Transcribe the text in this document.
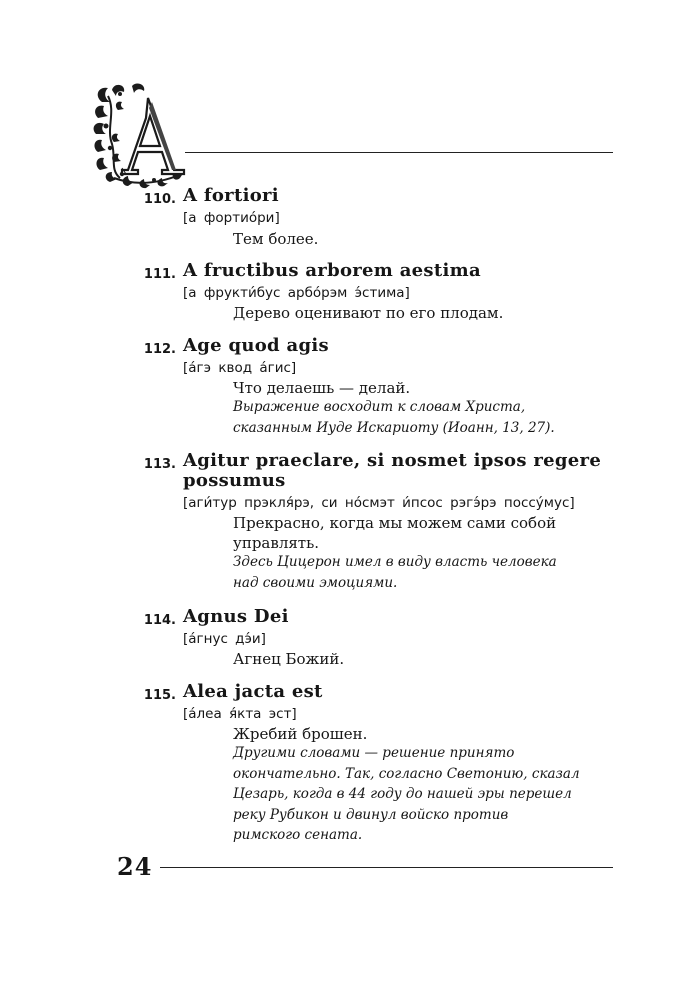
110. A fortiori
[а фортио́ри]
Тем более.
111. A fructibus arborem aestima
[а фрукти́бус арбо́рэм э́стима]
Дерево оценивают по его плодам.
112. Age quod agis
[а́гэ квод а́гис]
Что делаешь — делай.
Выражение восходит к словам Христа,
сказанным Иуде Искариоту (Иоанн, 13, 27).
113. Agitur praeclare, si nosmet ipsos regere
possumus
[аги́тур прэкля́рэ, си но́смэт и́псос рэгэ́рэ поссу́мус]
Прекрасно, когда мы можем сами собой
управлять.
Здесь Цицерон имел в виду власть человека
над своими эмоциями.
114. Agnus Dei
[а́гнус дэ́и]
Агнец Божий.
115. Alea jacta est
[а́леа я́кта эст]
Жребий брошен.
Другими словами — решение принято
окончательно. Так, согласно Светонию, сказал
Цезарь, когда в 44 году до нашей эры перешел
реку Рубикон и двинул войско против
римского сената.
24
